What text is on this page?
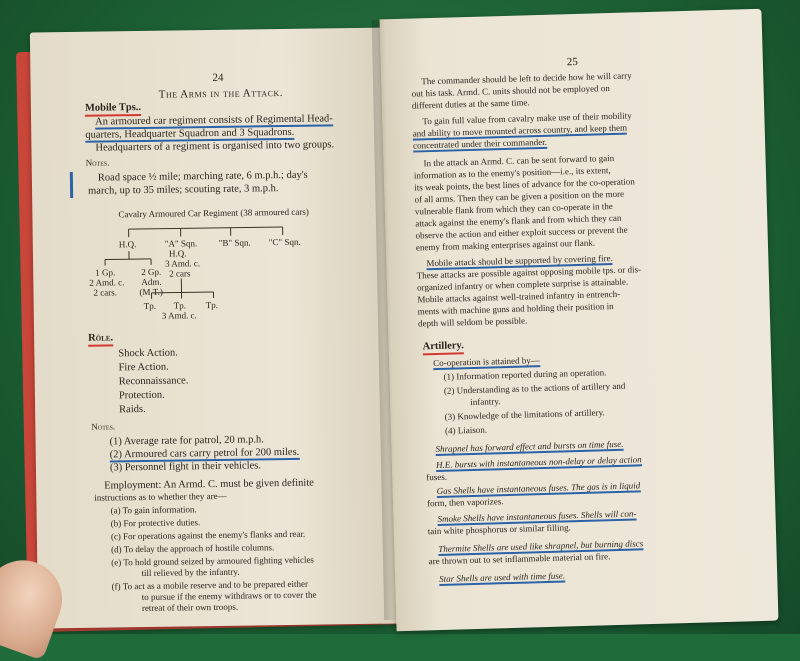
24
The Arms in the Attack.
Mobile Tps..
An armoured car regiment consists of Regimental Head-
quarters, Headquarter Squadron and 3 Squadrons.
Headquarters of a regiment is organised into two groups.
Notes.
Road space ½ mile; marching rate, 6 m.p.h.; day's
march, up to 35 miles; scouting rate, 3 m.p.h.
Cavalry Armoured Car Regiment (38 armoured cars)
H.Q.	"A" Sqn. "B" Sqn. "C" Sqn.
H.Q.
3 Amd. c.
2 cars
1 Gp.
2 Amd. c.
2 cars.
2 Gp.
Adm.
(M.T.)
Tp. Tp. Tp.
3 Amd. c.
Rôle.
Shock Action.
Fire Action.
Reconnaissance.
Protection.
Raids.
Notes.
(1) Average rate for patrol, 20 m.p.h.
(2) Armoured cars carry petrol for 200 miles.
(3) Personnel fight in their vehicles.
Employment: An Armd. C. must be given definite
instructions as to whether they are—
(a) To gain information.
(b) For protective duties.
(c) For operations against the enemy's flanks and rear.
(d) To delay the approach of hostile columns.
(e) To hold ground seized by armoured fighting vehicles
till relieved by the infantry.
(f) To act as a mobile reserve and to be prepared either
to pursue if the enemy withdraws or to cover the
retreat of their own troops.
25
The commander should be left to decide how he will carry
out his task. Armd. C. units should not be employed on
different duties at the same time.
To gain full value from cavalry make use of their mobility
and ability to move mounted across country, and keep them
concentrated under their commander.
In the attack an Armd. C. can be sent forward to gain
information as to the enemy's position—i.e., its extent,
its weak points, the best lines of advance for the co-operation
of all arms. Then they can be given a position on the more
vulnerable flank from which they can co-operate in the
attack against the enemy's flank and from which they can
observe the action and either exploit success or prevent the
enemy from making enterprises against our flank.
Mobile attack should be supported by covering fire.
These attacks are possible against opposing mobile tps. or dis-
organized infantry or when complete surprise is attainable.
Mobile attacks against well-trained infantry in entrench-
ments with machine guns and holding their position in
depth will seldom be possible.
Artillery.
Co-operation is attained by—
(1) Information reported during an operation.
(2) Understanding as to the actions of artillery and
infantry.
(3) Knowledge of the limitations of artillery.
(4) Liaison.
Shrapnel has forward effect and bursts on time fuse.
H.E. bursts with instantaneous non-delay or delay action
fuses.
Gas Shells have instantaneous fuses. The gas is in liquid
form, then vaporizes.
Smoke Shells have instantaneous fuses. Shells will con-
tain white phosphorus or similar filling.
Thermite Shells are used like shrapnel, but burning discs
are thrown out to set inflammable material on fire.
Star Shells are used with time fuse.
